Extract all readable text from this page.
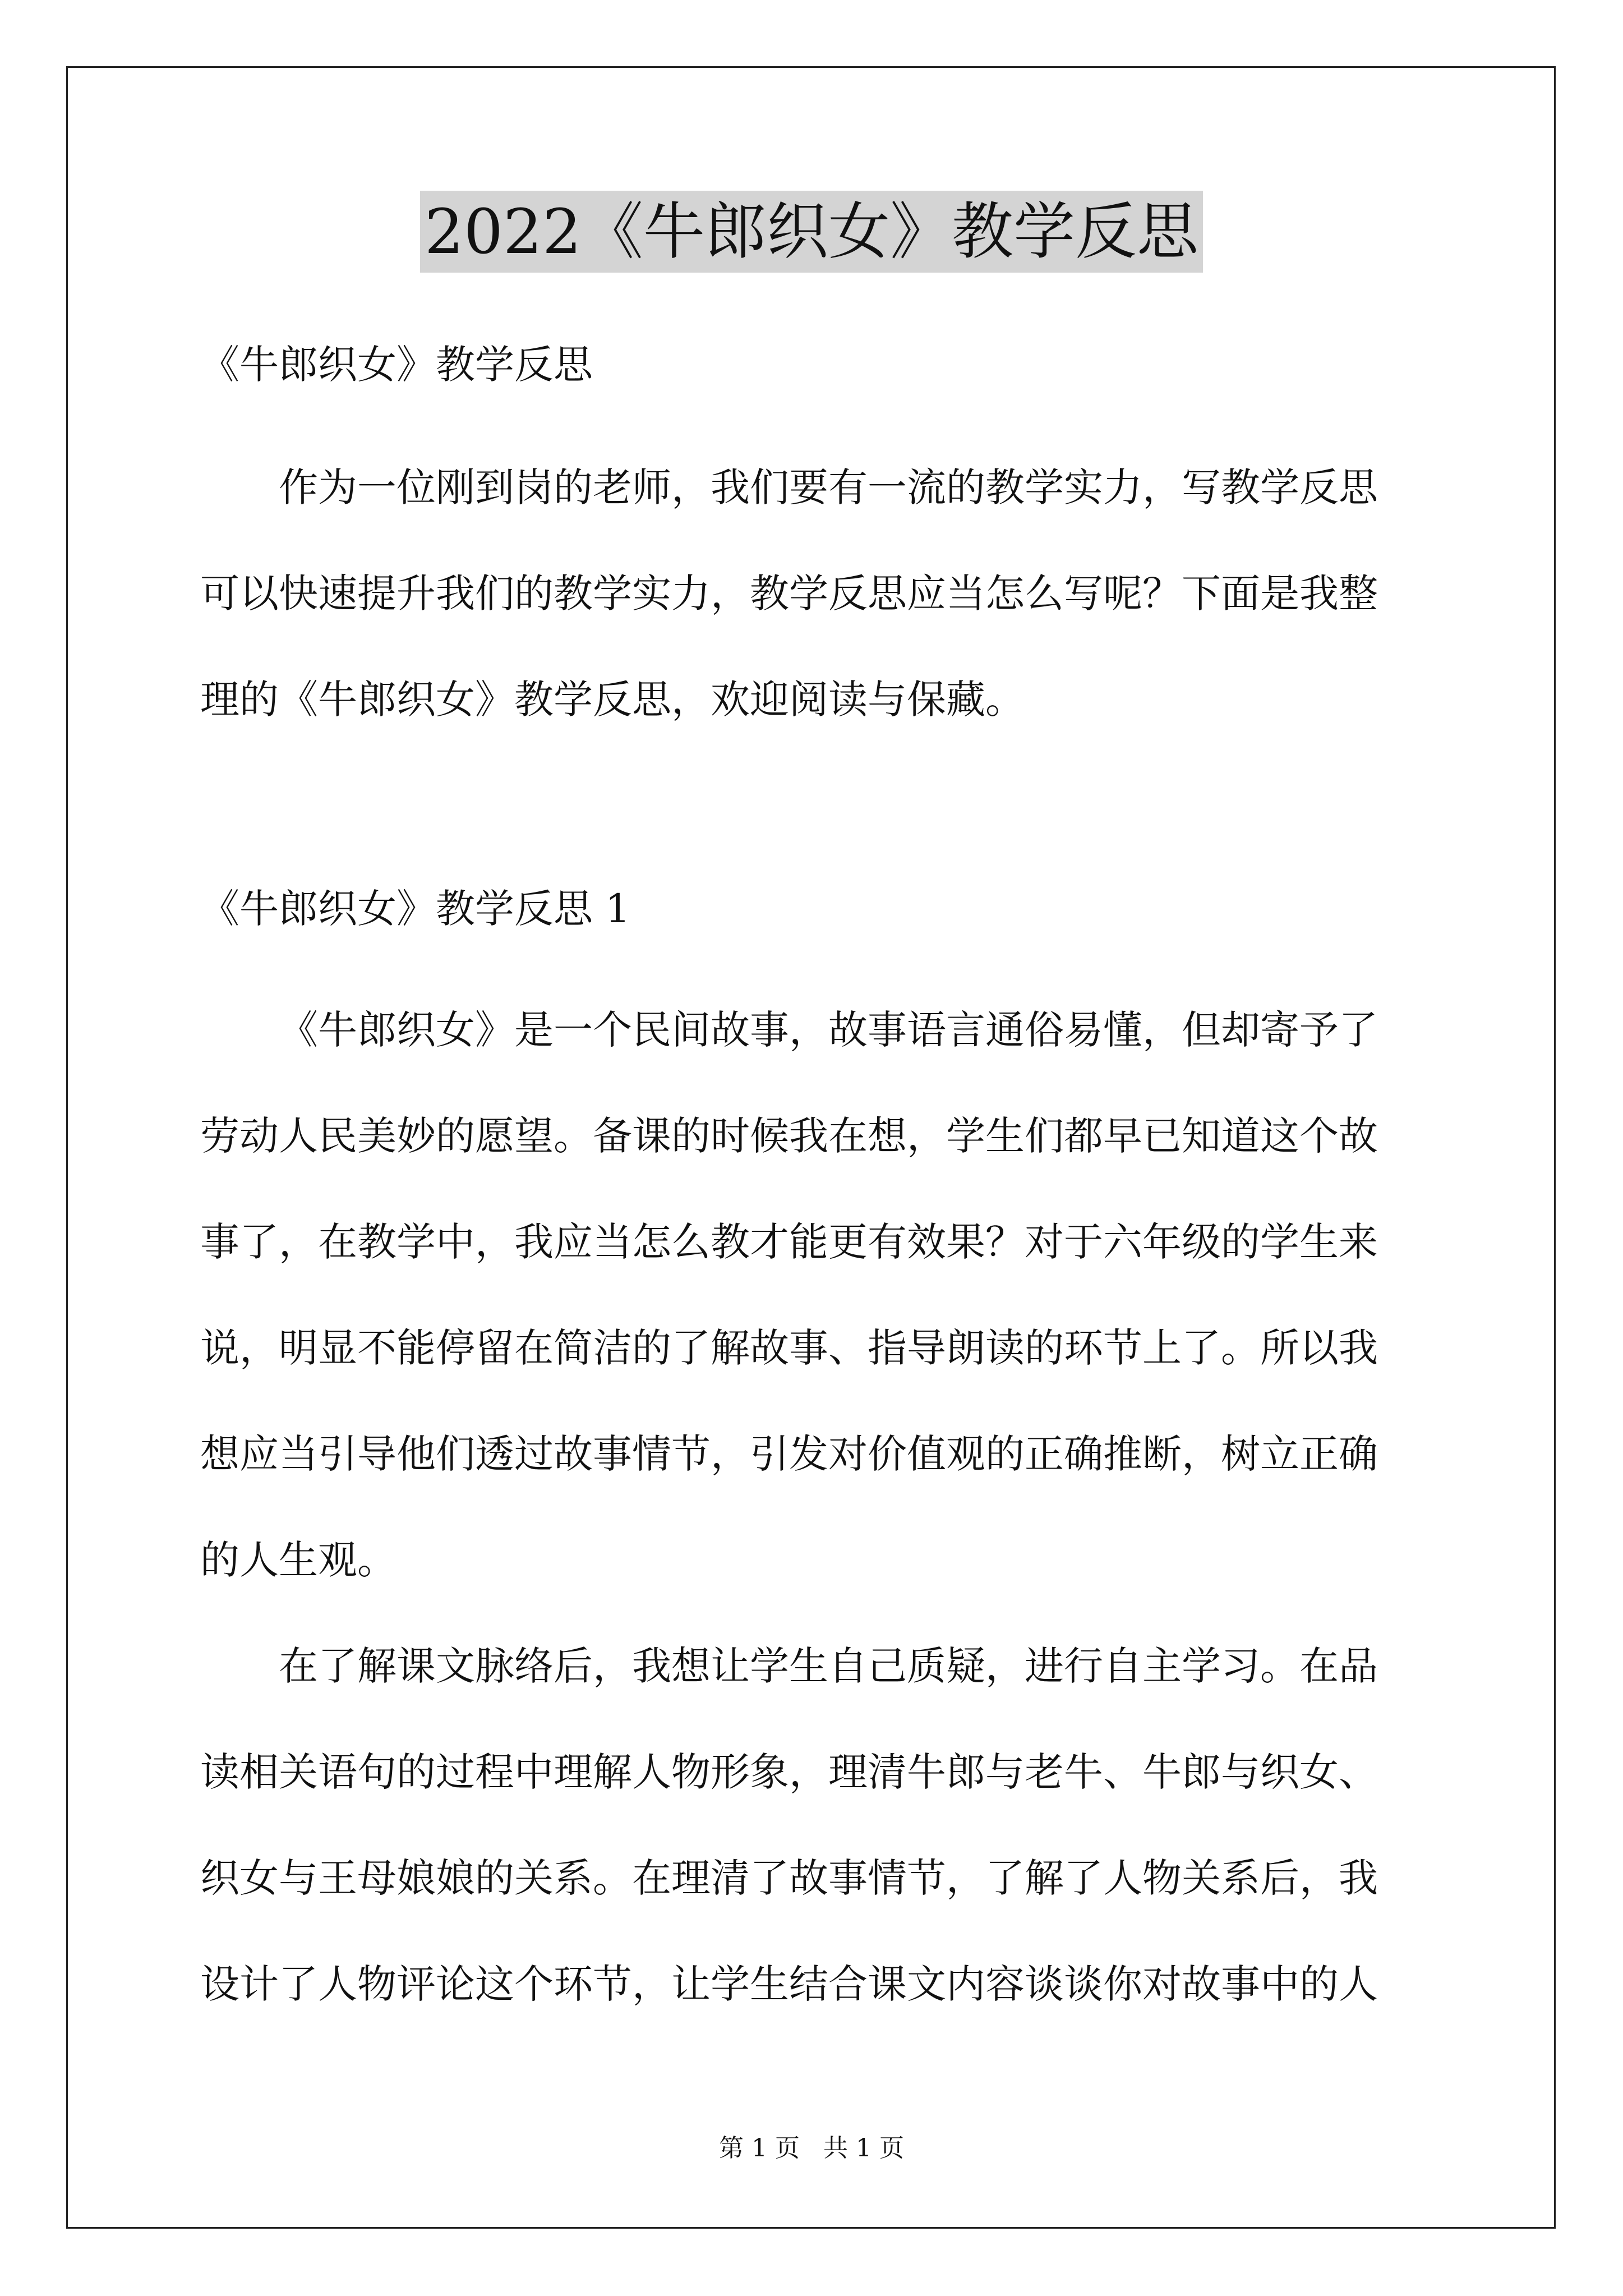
2022《牛郎织女》教学反思
《牛郎织女》教学反思

作为一位刚到岗的老师，我们要有一流的教学实力，写教学反思

可以快速提升我们的教学实力，教学反思应当怎么写呢？下面是我整

理的《牛郎织女》教学反思，欢迎阅读与保藏。

《牛郎织女》教学反思 1

《牛郎织女》是一个民间故事，故事语言通俗易懂，但却寄予了

劳动人民美妙的愿望。备课的时候我在想，学生们都早已知道这个故

事了，在教学中，我应当怎么教才能更有效果？对于六年级的学生来

说，明显不能停留在简洁的了解故事、指导朗读的环节上了。所以我

想应当引导他们透过故事情节，引发对价值观的正确推断，树立正确

的人生观。

在了解课文脉络后，我想让学生自己质疑，进行自主学习。在品

读相关语句的过程中理解人物形象，理清牛郎与老牛、牛郎与织女、

织女与王母娘娘的关系。在理清了故事情节，了解了人物关系后，我

设计了人物评论这个环节，让学生结合课文内容谈谈你对故事中的人

第 1 页 共 1 页
